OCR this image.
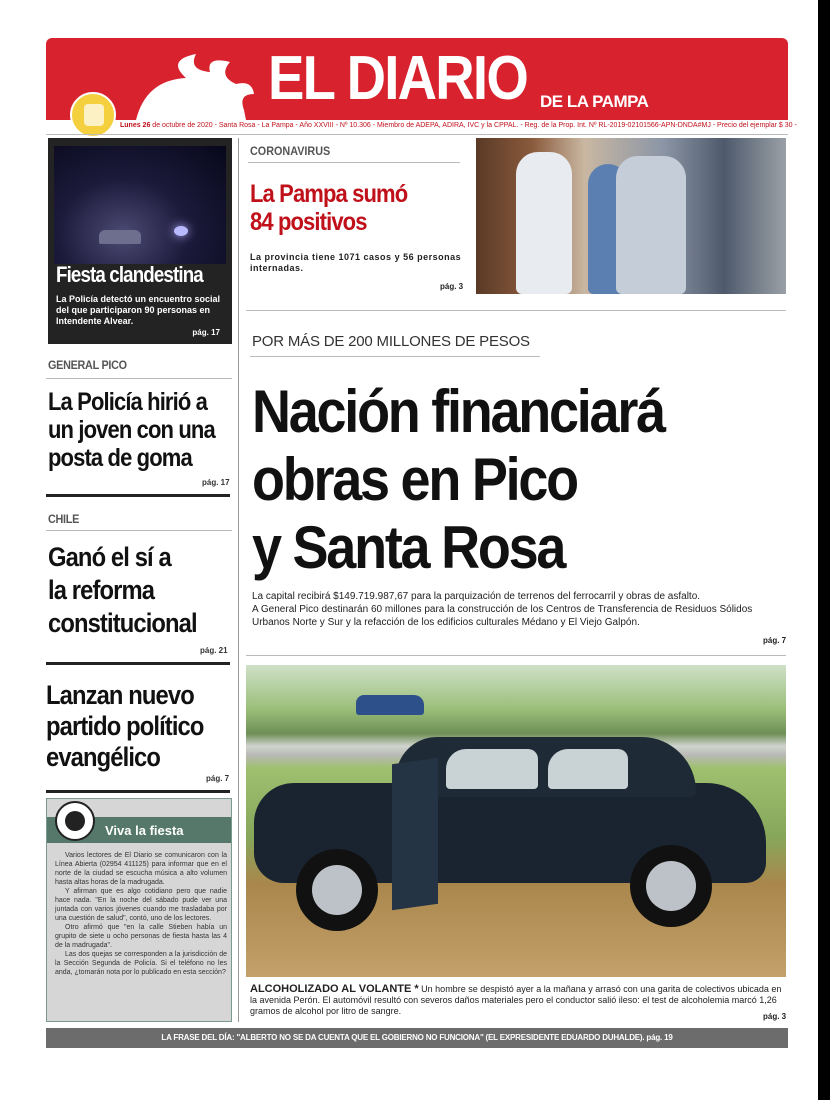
EL DIARIO DE LA PAMPA
Lunes 26 de octubre de 2020 - Santa Rosa - La Pampa - Año XXVIII - Nº 10.306 - Miembro de ADEPA, ADIRA, IVC y la CPPAL. - Reg. de la Prop. Int. Nº RL-2019-02101566-APN-DNDA#MJ - Precio del ejemplar $ 30 -
Fiesta clandestina
La Policía detectó un encuentro social del que participaron 90 personas en Intendente Alvear.
pág. 17
GENERAL PICO
La Policía hirió a
un joven con una
posta de goma
pág. 17
CHILE
Ganó el sí a
la reforma
constitucional
pág. 21
Lanzan nuevo
partido político
evangélico
pág. 7
Viva la fiesta

Varios lectores de El Diario se comunicaron con la Línea Abierta (02954 411125) para informar que en el norte de la ciudad se escucha música a alto volumen hasta altas horas de la madrugada.

Y afirman que es algo cotidiano pero que nadie hace nada. "En la noche del sábado pude ver una juntada con varios jóvenes cuando me trasladaba por una cuestión de salud", contó, uno de los lectores.

Otro afirmó que "en la calle Stieben había un grupito de siete u ocho personas de fiesta hasta las 4 de la madrugada".

Las dos quejas se corresponden a la jurisdicción de la Sección Segunda de Policía. Si el teléfono no les anda, ¿tomarán nota por lo publicado en esta sección?

CORONAVIRUS
La Pampa sumó
84 positivos
La provincia tiene 1071 casos y 56 personas internadas.
pág. 3
POR MÁS DE 200 MILLONES DE PESOS
Nación financiará
obras en Pico
y Santa Rosa
La capital recibirá $149.719.987,67 para la parquización de terrenos del ferrocarril y obras de asfalto.
A General Pico destinarán 60 millones para la construcción de los Centros de Transferencia de Residuos Sólidos Urbanos Norte y Sur y la refacción de los edificios culturales Médano y El Viejo Galpón.
pág. 7
ALCOHOLIZADO AL VOLANTE * Un hombre se despistó ayer a la mañana y arrasó con una garita de colectivos ubicada en la avenida Perón. El automóvil resultó con severos daños materiales pero el conductor salió ileso: el test de alcoholemia marcó 1,26 gramos de alcohol por litro de sangre.
pág. 3
LA FRASE DEL DÍA: "ALBERTO NO SE DA CUENTA QUE EL GOBIERNO NO FUNCIONA" (EL EXPRESIDENTE EDUARDO DUHALDE). pág. 19
